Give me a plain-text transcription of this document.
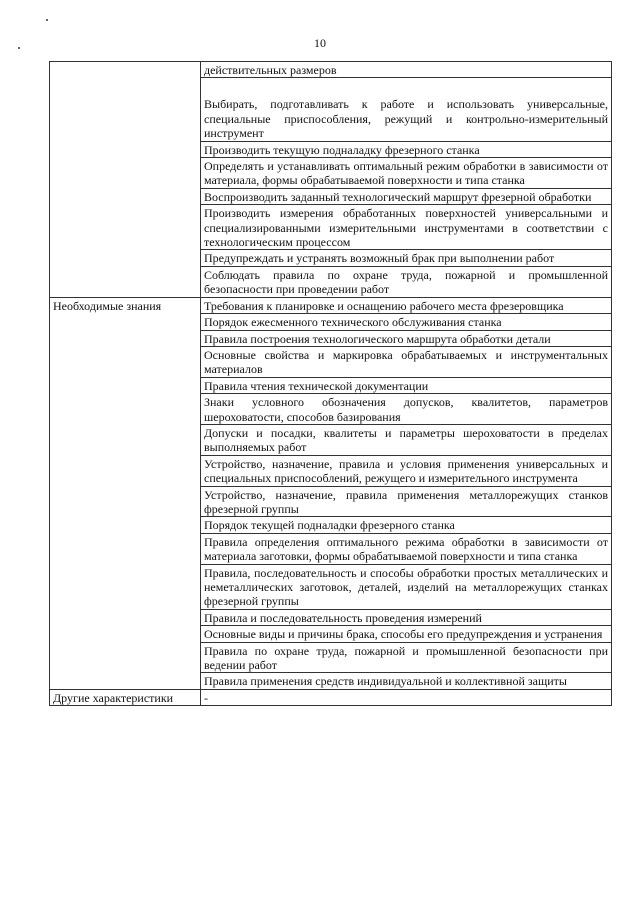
10
	действительных размеров
	Выбирать, подготавливать к работе и использовать универсальные, специальные приспособления, режущий и контрольно-измерительный инструмент
	Производить текущую подналадку фрезерного станка
	Определять и устанавливать оптимальный режим обработки в зависимости от материала, формы обрабатываемой поверхности и типа станка
	Воспроизводить заданный технологический маршрут фрезерной обработки
	Производить измерения обработанных поверхностей универсальными и специализированными измерительными инструментами в соответствии с технологическим процессом
	Предупреждать и устранять возможный брак при выполнении работ
	Соблюдать правила по охране труда, пожарной и промышленной безопасности при проведении работ
Необходимые знания	Требования к планировке и оснащению рабочего места фрезеровщика
	Порядок ежесменного технического обслуживания станка
	Правила построения технологического маршрута обработки детали
	Основные свойства и маркировка обрабатываемых и инструментальных материалов
	Правила чтения технической документации
	Знаки условного обозначения допусков, квалитетов, параметров шероховатости, способов базирования
	Допуски и посадки, квалитеты и параметры шероховатости в пределах выполняемых работ
	Устройство, назначение, правила и условия применения универсальных и специальных приспособлений, режущего и измерительного инструмента
	Устройство, назначение, правила применения металлорежущих станков фрезерной группы
	Порядок текущей подналадки фрезерного станка
	Правила определения оптимального режима обработки в зависимости от материала заготовки, формы обрабатываемой поверхности и типа станка
	Правила, последовательность и способы обработки простых металлических и неметаллических заготовок, деталей, изделий на металлорежущих станках фрезерной группы
	Правила и последовательность проведения измерений
	Основные виды и причины брака, способы его предупреждения и устранения
	Правила по охране труда, пожарной и промышленной безопасности при ведении работ
	Правила применения средств индивидуальной и коллективной защиты
Другие характеристики	-
